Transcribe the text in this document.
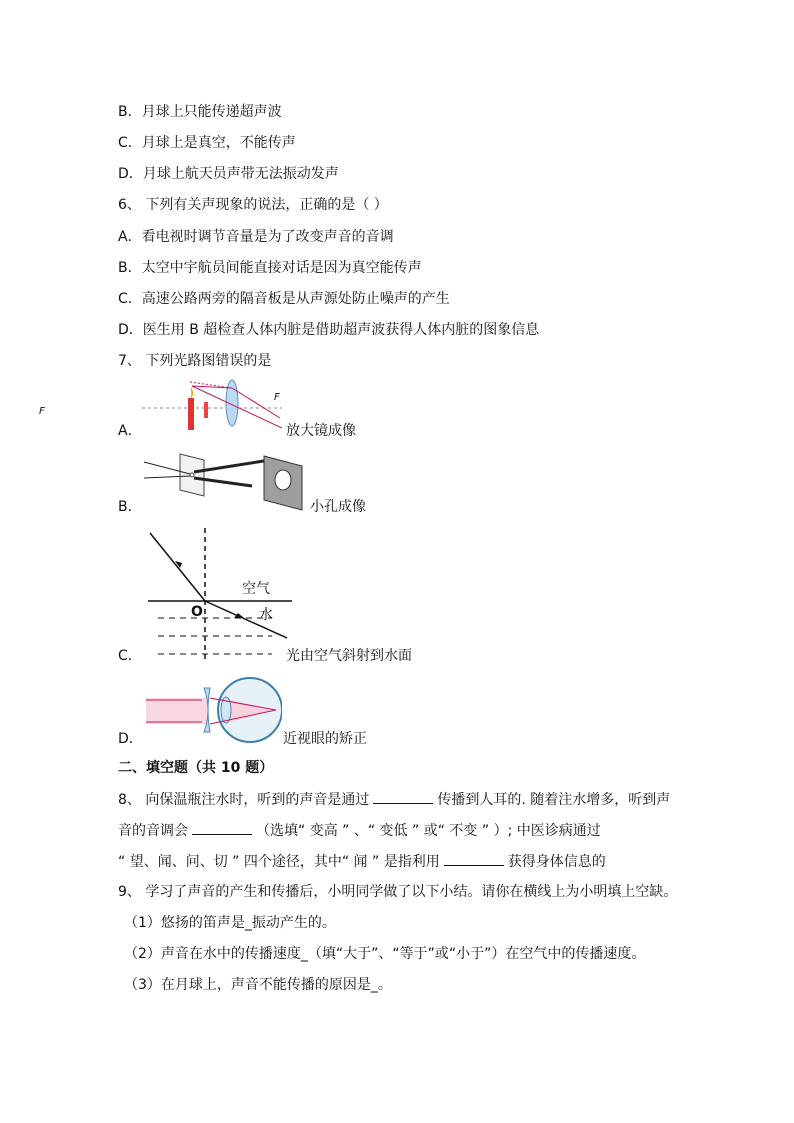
B．月球上只能传递超声波
C．月球上是真空，不能传声
D．月球上航天员声带无法振动发声
6、 下列有关声现象的说法，正确的是（ ）
A．看电视时调节音量是为了改变声音的音调
B．太空中宇航员间能直接对话是因为真空能传声
C．高速公路两旁的隔音板是从声源处防止噪声的产生
D．医生用 B 超检查人体内脏是借助超声波获得人体内脏的图象信息
7、 下列光路图错误的是
A．
F
F
放大镜成像
B．	小孔成像
C．
空气
O	水
光由空气斜射到水面
D．	近视眼的矫正
二、填空题（共 10 题）
8、 向保温瓶注水时，听到的声音是通过	传播到人耳的. 随着注水增多，听到声
音的音调会	（选填“ 变高 ” 、“ 变低 ” 或“ 不变 ” ）; 中医诊病通过
“ 望、闻、问、切 ” 四个途径，其中“ 闻 ” 是指利用	获得身体信息的
9、 学习了声音的产生和传播后，小明同学做了以下小结。请你在横线上为小明填上空缺。
（1）悠扬的笛声是_振动产生的。
（2）声音在水中的传播速度_（填“大于”、“等于”或“小于”）在空气中的传播速度。
（3）在月球上，声音不能传播的原因是_。
